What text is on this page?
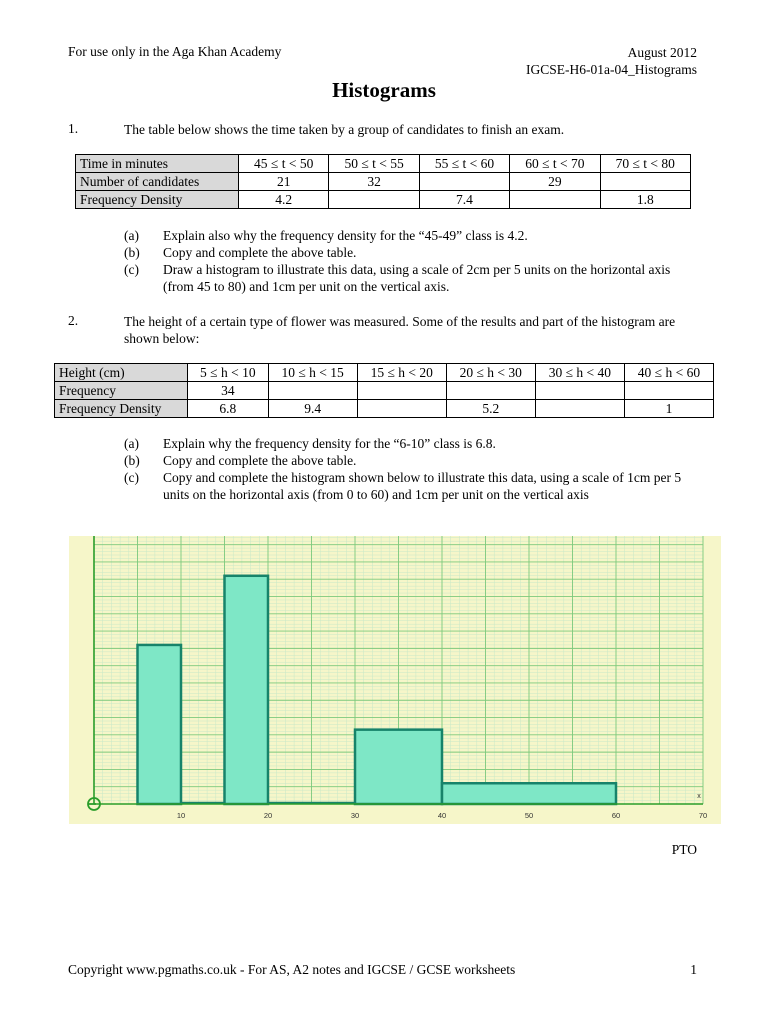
For use only in the Aga Khan Academy	August 2012
IGCSE-H6-01a-04_Histograms
Histograms
1.	The table below shows the time taken by a group of candidates to finish an exam.
Time in minutes	45 ≤ t < 50	50 ≤ t < 55	55 ≤ t < 60	60 ≤ t < 70	70 ≤ t < 80
Number of candidates	21	32		29	
Frequency Density	4.2		7.4		1.8
(a)	Explain also why the frequency density for the “45-49” class is 4.2.
(b)	Copy and complete the above table.
(c)	Draw a histogram to illustrate this data, using a scale of 2cm per 5 units on the horizontal axis (from 45 to 80) and 1cm per unit on the vertical axis.
2.	The height of a certain type of flower was measured. Some of the results and part of the histogram are shown below:
Height (cm)	5 ≤ h < 10	10 ≤ h < 15	15 ≤ h < 20	20 ≤ h < 30	30 ≤ h < 40	40 ≤ h < 60
Frequency	34					
Frequency Density	6.8	9.4		5.2		1
(a)	Explain why the frequency density for the “6-10” class is 6.8.
(b)	Copy and complete the above table.
(c)	Copy and complete the histogram shown below to illustrate this data, using a scale of 1cm per 5 units on the horizontal axis (from 0 to 60) and 1cm per unit on the vertical axis
x
10	20	30	40	50	60	70
PTO
Copyright www.pgmaths.co.uk - For AS, A2 notes and IGCSE / GCSE worksheets	1
